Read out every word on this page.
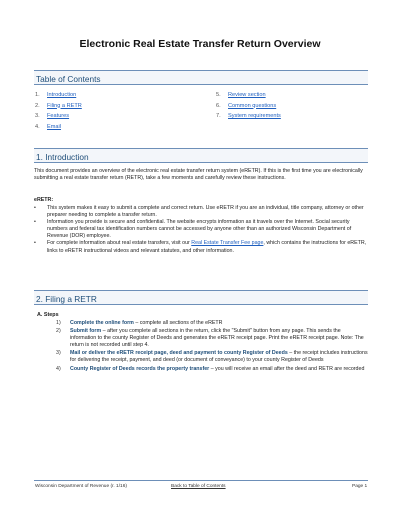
Electronic Real Estate Transfer Return Overview
Table of Contents
1.	Introduction
2.	Filing a RETR
3.	Features
4.	Email
5.	Review section
6.	Common questions
7.	System requirements
1. Introduction
This document provides an overview of the electronic real estate transfer return system (eRETR). If this is the first time you are electronically submitting a real estate transfer return (RETR), take a few moments and carefully review these instructions.
eRETR:
•	This system makes it easy to submit a complete and correct return. Use eRETR if you are an individual, title company, attorney or other preparer needing to complete a transfer return.
•	Information you provide is secure and confidential. The website encrypts information as it travels over the Internet. Social security numbers and federal tax identification numbers cannot be accessed by anyone other than an authorized Wisconsin Department of Revenue (DOR) employee.
•	For complete information about real estate transfers, visit our Real Estate Transfer Fee page, which contains the instructions for eRETR, links to eRETR instructional videos and relevant statutes, and other information.
2. Filing a RETR
A. Steps
1)	Complete the online form – complete all sections of the eRETR
2)	Submit form – after you complete all sections in the return, click the "Submit" button from any page. This sends the information to the county Register of Deeds and generates the eRETR receipt page. Print the eRETR receipt page. Note: The return is not recorded until step 4.
3)	Mail or deliver the eRETR receipt page, deed and payment to county Register of Deeds – the receipt includes instructions for delivering the receipt, payment, and deed (or document of conveyance) to your county Register of Deeds
4)	County Register of Deeds records the property transfer – you will receive an email after the deed and RETR are recorded
Wisconsin Department of Revenue (r. 1/16)	Back to Table of Contents	Page 1
